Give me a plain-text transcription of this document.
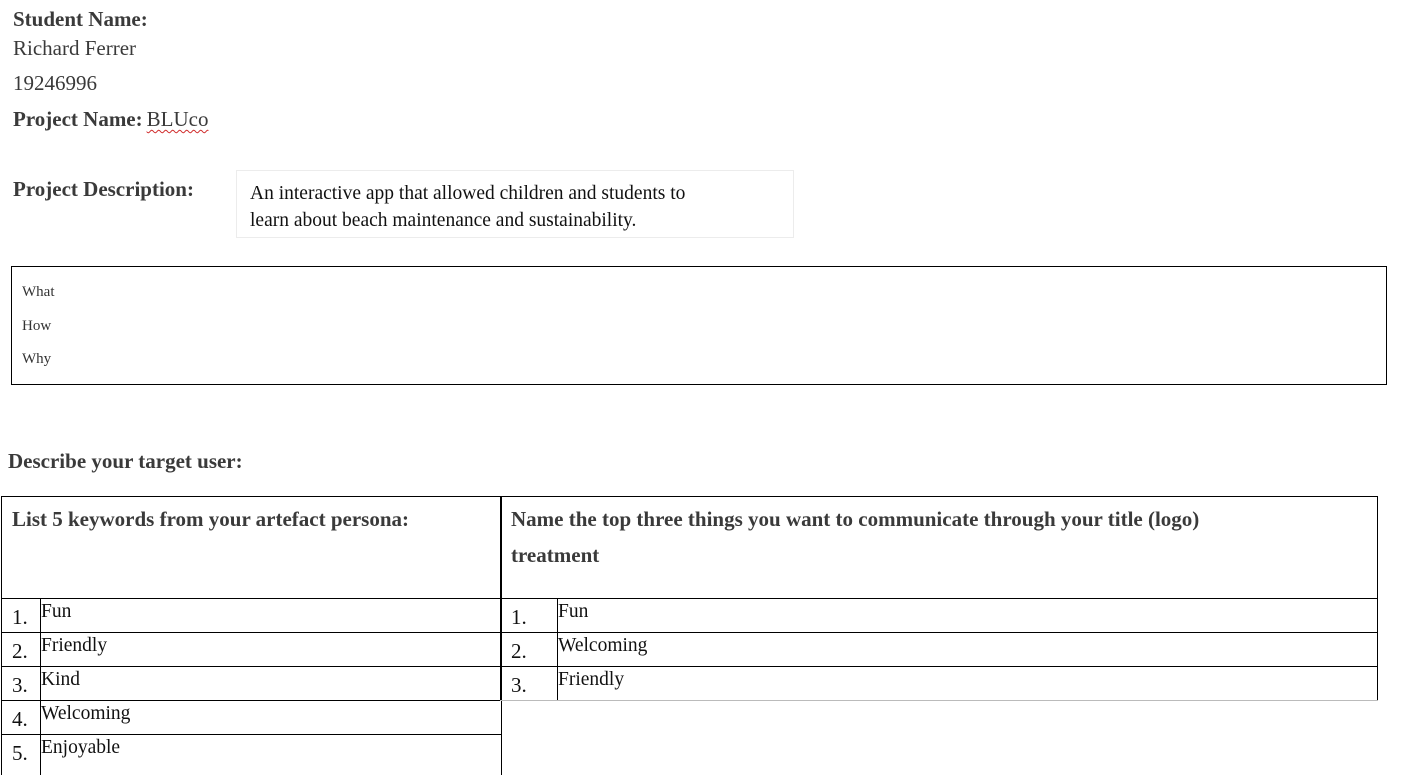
Student Name:
Richard Ferrer
19246996
Project Name: BLUco
Project Description:	An interactive app that allowed children and students to
learn about beach maintenance and sustainability.
What
How
Why
Describe your target user:
List 5 keywords from your artefact persona:	
1.	Fun
2.	Friendly
3.	Kind
4.	Welcoming
5.	Enjoyable
Name the top three things you want to communicate through your title (logo)
treatment	
1.	Fun
2.	Welcoming
3.	Friendly
